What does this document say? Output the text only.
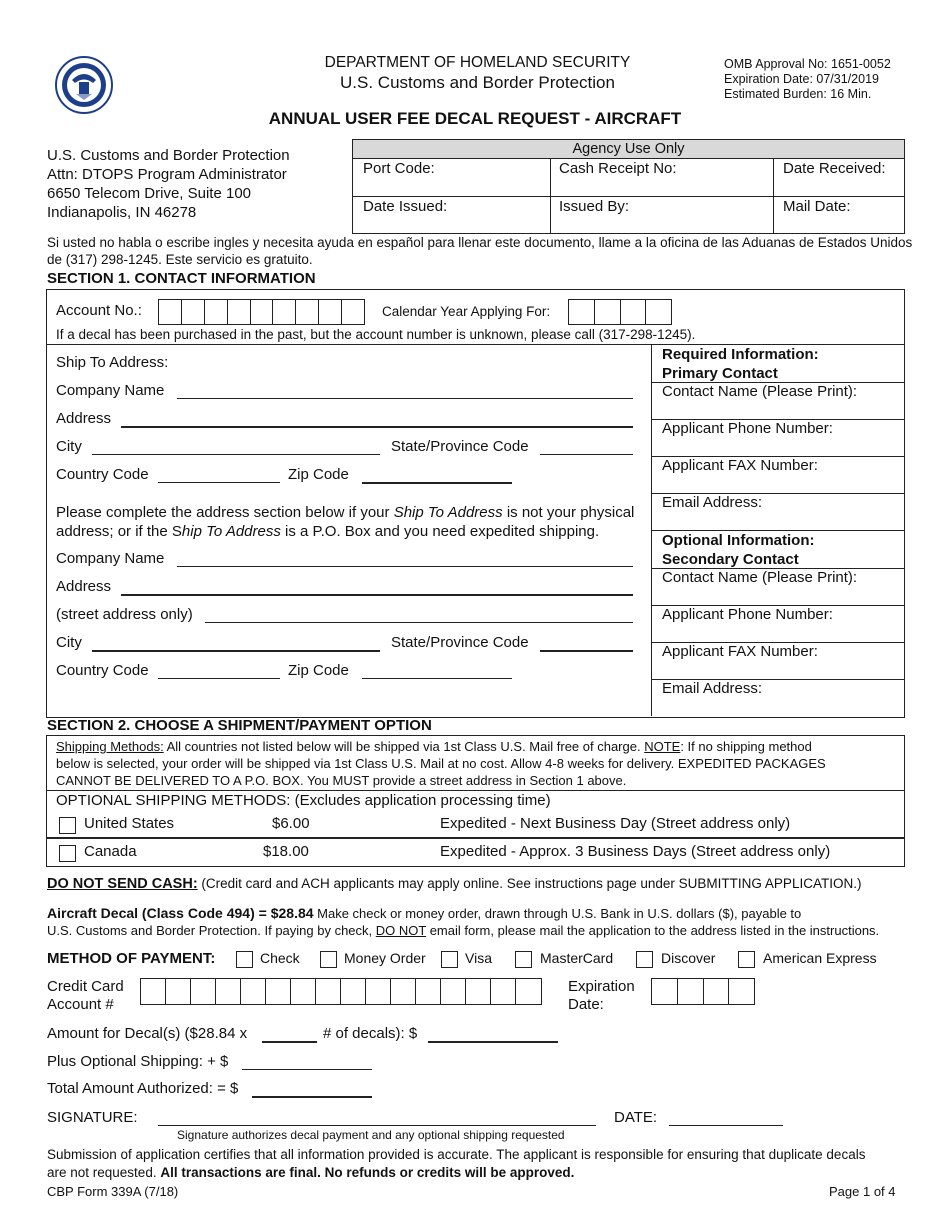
DEPARTMENT OF HOMELAND SECURITY
U.S. Customs and Border Protection
OMB Approval No: 1651-0052
Expiration Date: 07/31/2019
Estimated Burden: 16 Min.
ANNUAL USER FEE DECAL REQUEST - AIRCRAFT
U.S. Customs and Border Protection
Attn: DTOPS Program Administrator
6650 Telecom Drive, Suite 100
Indianapolis, IN 46278
Agency Use Only
Port Code:	Cash Receipt No:	Date Received:
Date Issued:	Issued By:	Mail Date:
Si usted no habla o escribe ingles y necesita ayuda en español para llenar este documento, llame a la oficina de las Aduanas de Estados Unidos de (317) 298-1245. Este servicio es gratuito.
SECTION 1. CONTACT INFORMATION
Account No.:	Calendar Year Applying For:
If a decal has been purchased in the past, but the account number is unknown, please call (317-298-1245).
Ship To Address:
Company Name
Address
City	State/Province Code
Country Code	Zip Code
Please complete the address section below if your Ship To Address is not your physical
address; or if the Ship To Address is a P.O. Box and you need expedited shipping.
Company Name
Address
(street address only)
City	State/Province Code
Country Code	Zip Code
Required Information:
Primary Contact
Contact Name (Please Print):
Applicant Phone Number:
Applicant FAX Number:
Email Address:
Optional Information:
Secondary Contact
Contact Name (Please Print):
Applicant Phone Number:
Applicant FAX Number:
Email Address:
SECTION 2. CHOOSE A SHIPMENT/PAYMENT OPTION
Shipping Methods: All countries not listed below will be shipped via 1st Class U.S. Mail free of charge. NOTE: If no shipping method
below is selected, your order will be shipped via 1st Class U.S. Mail at no cost. Allow 4-8 weeks for delivery. EXPEDITED PACKAGES
CANNOT BE DELIVERED TO A P.O. BOX. You MUST provide a street address in Section 1 above.
OPTIONAL SHIPPING METHODS: (Excludes application processing time)
United States	$6.00	Expedited - Next Business Day (Street address only)
Canada	$18.00	Expedited - Approx. 3 Business Days (Street address only)
DO NOT SEND CASH: (Credit card and ACH applicants may apply online. See instructions page under SUBMITTING APPLICATION.)
Aircraft Decal (Class Code 494) = $28.84 Make check or money order, drawn through U.S. Bank in U.S. dollars ($), payable to
U.S. Customs and Border Protection. If paying by check, DO NOT email form, please mail the application to the address listed in the instructions.
METHOD OF PAYMENT:	Check	Money Order	Visa	MasterCard	Discover	American Express
Credit Card
Account #
Expiration
Date:
Amount for Decal(s) ($28.84 x	# of decals): $
Plus Optional Shipping: + $
Total Amount Authorized: = $
SIGNATURE:	DATE:
Signature authorizes decal payment and any optional shipping requested
Submission of application certifies that all information provided is accurate. The applicant is responsible for ensuring that duplicate decals
are not requested. All transactions are final. No refunds or credits will be approved.
CBP Form 339A (7/18)	Page 1 of 4
